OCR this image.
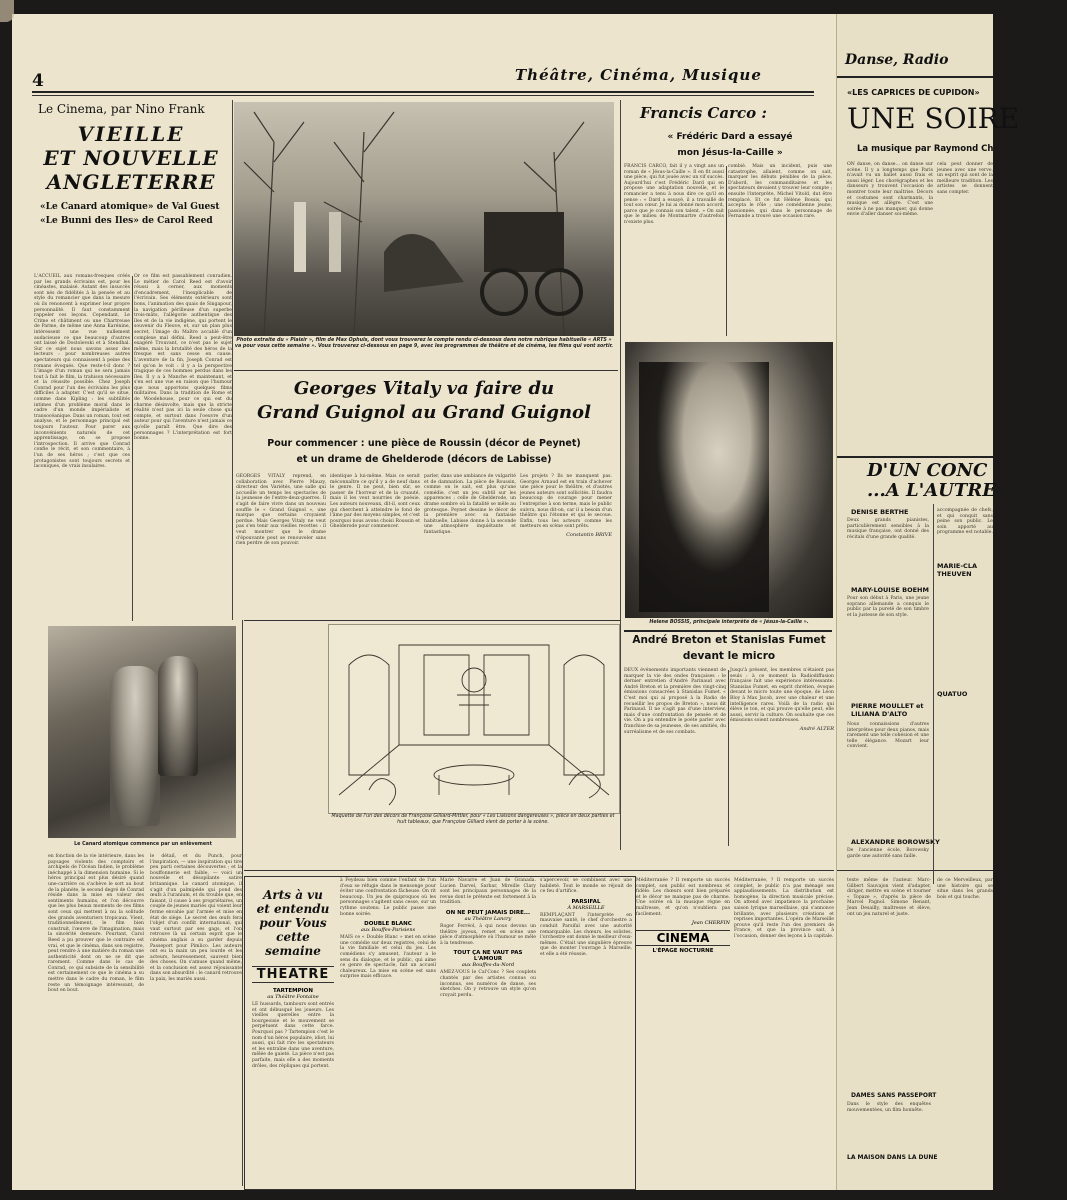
4	Théâtre, Cinéma, Musique
Le Cinema, par Nino Frank
VIEILLE
ET NOUVELLE
ANGLETERRE
«Le Canard atomique» de Val Guest
«Le Bunni des Iles» de Carol Reed

L'ACCUEIL aux romans-fresques créés par les grands écrivains est, pour les cinéastes, malaisé. Autant des insuccès sont nés de fidélités à la pensée et au style du romancier que dans la mesure où ils renoncent à exprimer leur propre personnalité. Il faut constamment rappeler ces leçons. Cependant, Le Crime et châtiment ou une Chartreuse de Parme, de même une Anna Karénine, intéressent une vue nullement audacieuse ce que beaucoup d'autres ont laissé de Dostoïevski et à Stendhal. Sur ce sujet nous savons assez des lecteurs : pour nombreuses autres spectateurs qui connaissent à peine des romans évoqués. Que reste-t-il donc ? L'image d'un roman qui ne sera jamais tout à fait le film, la trahison nécessaire et la réussite possible. Chez Joseph Conrad pour l'un des écrivains les plus difficiles à adapter. C'est qu'il se situe, comme dans Kipling : les subtilités intimes d'un problème moral dans le cadre d'un monde impérialiste et transocéanique. Dans un roman, tout est analyse, et le personnage principal est toujours l'auteur. Pour parer aux inconvénients naturels de cet apprentissage, on se propose l'introspection. Il arrive que Conrad confie le récit, et son commentaire, à l'un de ses héros ; c'est que ces protagonistes sont toujours secrets et laconiques, de vrais insulaires.

Or ce film est passablement conradien. Le métier de Carol Reed est d'avoir réussi à cerner, aux moments d'encadrement, l'inexplicable de l'écrivain. Ses éléments extérieurs sont bons, l'animation des quais de Singapour, la navigation périlleuse d'un superbe trois-mâts, l'allégorie authentique des îles et de la vie indigène, qui portent le souvenir du Fleuve, et, sur un plan plus secret, l'image du Maître accablé d'un complexe mal défini. Reed a peut-être exagéré Trouvant, ce n'est pas le sujet même, mais la brutalité des héros de la fresque est sans cesse en cause. L'aventure de la fin, Joseph Conrad est tel qu'on le voit : il y a la perspective tragique de ces hommes perdus dans les îles. Il y a à Manche et maintenant, et s'en est une vue en raison que l'humour que nous apportons quelques films militaires. Dans la tradition de Rome et de Woodehouse, pour ce qui est du charme désinvolte, mais que la stricte réalité n'est pas ici la seule chose qui compte, et surtout dans l'oeuvre d'un auteur pour qui l'aventure n'est jamais ce qu'elle paraît être. Que dire des personnages ? L'interprétation est fort bonne.

Le Canard atomique commence par un enlèvement

en fonction de la vie intérieure, dans les paysages violents des comptoirs et archipels de l'Océan Indien, le problème inéchappé à la dimension humaine. Si le héros principal est plus désiré quand une-carrière ou s'achève le sort au bout de la planète, le second degré de Conrad réside dans la mise en valeur des sentiments humains, et l'on découvre que les plus beaux moments de ces films sont ceux qui mettent à nu la solitude des grands aventuriers tropicaux. Vient, traditionnellement, le film bien construit, l'œuvre de l'imagination, mais la sincérité demeure. Pourtant, Carol Reed a pu prouver que le contraire est vrai, et que le cinéma, dans son registre, peut rendre à une matière du roman une authenticité dont on ne se dit que rarement. Comme dans le cas de Conrad, ce qui subsiste de la sensibilité est certainement ce que le cinéma a su mettre dans le cadre du roman, le film reste un témoignage intéressant, de bout en bout.

le détail, et du Punch, pour l'inspiration, — une inspiration qui tire peu parti certaines découvertes ; et la bouffonnerie est faible, — voici un nouvelle et désopilante satire britannique. Le canard atomique, il s'agit d'un palmipède qui pond des œufs à l'uranium, et du trouble que, en faisant, il cause à ses propriétaires, un couple de jeunes mariés qui voient leur ferme envahie par l'armée et mise en état de siège. Le secret des œufs fera l'objet d'un conflit international, qui vaut surtout par ses gags, et l'on retrouve là un certain esprit que le cinéma anglais a su garder depuis Passeport pour Pimlico. Les auteurs ont eu la main un peu lourde et les acteurs, heureusement, sauvent bien des choses. On s'amuse quand même, et la conclusion est assez réjouissante dans son absurdité : le canard retrouve la paix, les mariés aussi.

Photo extraite du « Plaisir », film de Max Ophuls, dont vous trouverez le compte rendu ci-dessous dans notre rubrique habituelle « ARTS » va pour vous cette semaine ». Vous trouverez ci-dessous en page 9, avec les programmes de théâtre et de cinéma, les films qui vont sortir.
Georges Vitaly va faire du
Grand Guignol au Grand Guignol
Pour commencer : une pièce de Roussin (décor de Peynet)
et un drame de Ghelderode (décors de Labisse)

GEORGES VITALY reprend, en collaboration avec Pierre Mauzy, directeur des Variétés, une salle qui accueille un temps les spectacles de la jeunesse de l'entre-deux-guerres. Il s'agit de faire vivre dans un nouveau souffle le « Grand Guignol », une marque que certains croyaient perdue. Mais Georges Vitaly ne veut pas s'en tenir aux vieilles recettes : il veut montrer que le drame d'épouvante peut se renouveler sans rien perdre de son pouvoir.

identique à lui-même. Mais ce serait méconnaître ce qu'il y a de neuf dans le genre. Il ne peut, bien sûr, se passer de l'horreur et de la cruauté, mais il les veut nourries de poésie. Les auteurs nouveaux, dit-il, sont ceux qui cherchent à atteindre le fond de l'âme par des moyens simples, et c'est pourquoi nous avons choisi Roussin et Ghelderode pour commencer.

parler, dans une ambiance de vulgarité et de damnation. La pièce de Roussin, comme on le sait, est plus qu'une comédie, c'est un jeu subtil sur les apparences ; celle de Ghelderode, un drame sombre où la fatalité se mêle au grotesque. Peynet dessine le décor de la première avec sa fantaisie habituelle, Labisse donne à la seconde une atmosphère inquiétante et fantastique.

Les projets ? Ils ne manquent pas. Georges Arnaud est en train d'achever une pièce pour le théâtre, et d'autres jeunes auteurs sont sollicités. Il faudra beaucoup de courage pour mener l'entreprise à son terme, mais le public suivra, nous dit-on, car il a besoin d'un théâtre qui l'étonne et qui le secoue. Enfin, tous les acteurs comme les metteurs en scène sont prêts.

Constantin BRIVE
Francis Carco :
« Frédéric Dard a essayé
mon Jésus-la-Caille »

FRANCIS CARCO, fait il y a vingt ans un roman de « Jésus-la-Caille ». Il en fit aussi une pièce, qui fut jouée avec un vif succès. Aujourd'hui c'est Frédéric Dard qui en propose une adaptation nouvelle, et le romancier a tenu à nous dire ce qu'il en pense : « Dard a essayé, il a travaillé de tout son cœur. Je lui ai donné mon accord, parce que je connais son talent. » On sait que le milieu de Montmartre d'autrefois n'existe plus.

combié. Mais un incident, puis une catastrophe, allaient, comme on sait, marquer les débuts pénibles de la pièce. D'abord, les commanditaires et les spectateurs devaient y trouver leur compte ; ensuite l'interprète, Michel Vitold, dut être remplacé. Et ce fut Hélène Bossis, qui accepta le rôle ; une comédienne jeune, passionnée, qui dans le personnage de Fernande a trouvé une occasion rare.

Helene BOSSIS, principale interprète de « Jésus-la-Caille ».
André Breton et Stanislas Fumet
devant le micro

DEUX événements importants viennent de marquer la vie des ondes françaises : le dernier entretien d'André Parinaud avec André Breton et la première des vingt-cinq émissions consacrées à Stanislas Fumet. « C'est moi qui ai proposé à la Radio de recueillir les propos de Breton », nous dit Parinaud. Il ne s'agit pas d'une interview, mais d'une confrontation de pensée et de vie. On a pu entendre le poète parler avec franchise de sa jeunesse, de ses amitiés, du surréalisme et de ses combats.

Jusqu'à présent, les membres n'étaient pas seuls : à ce moment la Radiodiffusion française fait une expérience intéressante. Stanislas Fumet, en esprit chrétien, évoque devant le micro toute une époque, de Léon Bloy à Max Jacob, avec une chaleur et une intelligence rares. Voilà de la radio qui élève le ton, et qui prouve qu'elle peut, elle aussi, servir la culture. On souhaite que ces émissions soient nombreuses.

André ALTER
Maquette de l'un des décors de Françoise Gilliard-Mittler, pour « Les Liaisons dangereuses », pièce en deux parties et huit tableaux, que Françoise Gilliard vient de porter à la scène.
Arts à vu
et entendu
pour Vous
cette semaine
THEATRE
TARTEMPION
au Théâtre Fontaine

LE hussards, tambours sont entrés et ont débusqué les joueurs. Les vieilles querelles entre la bourgeoisie et le mouvement se perpétuent dans cette farce. Pourquoi pas ? Tartempion c'est le nom d'un héros populaire, idiot, lui aussi, qui fait rire les spectateurs et les entraîne dans une aventure, mêlée de gaieté. La pièce n'est pas parfaite, mais elle a des moments drôles, des répliques qui portent.

à Feydeau bien comme l'enfant de l'un d'eux se réfugie dans le mensonge pour éviter une confrontation fâcheuse. On rit beaucoup. Un jeu de quiproquos où les personnages s'agitent sans cesse, sur un rythme soutenu. Le public passe une bonne soirée.

DOUBLE BLANC
aux Bouffes-Parisiens

MAIS ce « Double Blanc » met en scène une comédie sur deux registres, celui de la vie familiale et celui du jeu. Les comédiens s'y amusent, l'auteur a le sens du dialogue, et le public, qui aime ce genre de spectacle, fait un accueil chaleureux. La mise en scène est sans surprise mais efficace.

Marie Navarre et Juan de Granada. Lucien Darvel, Sarbar, Mireille Clary sont les principaux personnages de la revue dont le prétexte est fortement à la tradition.

ON NE PEUT JAMAIS DIRE...
au Théâtre Lancry

Roger Ferréol, à qui nous devons un théâtre joyeux, remet en scène une pièce d'atmosphère où l'humour se mêle à la tendresse.

TOUT ÇA NE VAUT PAS L'AMOUR
aux Bouffes-du-Nord

AMEZ-VOUS le Cal'Conc ? Ses couplets chantés par des artistes connus ou inconnus, ses numéros de danse, ses sketches. On y retrouve un style qu'on croyait perdu.

s'apercevoir, se combinent avec une habileté. Tout le monde se réjouit de ce feu d'artifice.

PARSIFAL
À MARSEILLE

REMPLAÇANT l'interprète en mauvaise santé, le chef d'orchestre a conduit Parsifal avec une autorité remarquable. Les chœurs, les solistes, l'orchestre ont donné le meilleur d'eux-mêmes. C'était une singulière épreuve que de monter l'ouvrage à Marseille, et elle a été réussie.

Méditerranée ? Il remporte un succès complet, son public est nombreux et fidèle. Les chœurs sont bien préparés et le décor ne manque pas de charme. Une soirée où la musique règne en maîtresse, et qu'on n'oubliera pas facilement.

Jean CHERFIN
CINEMA
L'ÉPAGE NOCTURNE

Méditerranée, ? Il remporte un succès complet, le public n'a pas ménagé ses applaudissements. La distribution est homogène, la direction musicale précise. On attend avec impatience la prochaine saison lyrique marseillaise, qui s'annonce brillante, avec plusieurs créations et reprises importantes. L'opéra de Marseille prouve qu'il reste l'un des premiers de France, et que la province sait, à l'occasion, donner des leçons à la capitale.

Danse, Radio
«LES CAPRICES DE CUPIDON»
UNE SOIRE
La musique par Raymond Ch

ON danse, on danse... on danse sur scène. Il y a longtemps que Paris n'avait vu un ballet aussi frais et aussi léger. Les chorégraphes et les danseurs y trouvent l'occasion de montrer toute leur maîtrise. Décors et costumes sont charmants, la musique est allègre. C'est une soirée à ne pas manquer, qui donne envie d'aller danser soi-même.

cela peut donner de jeunes avec une verve, un esprit qui sont de la meilleure tradition. Les artistes se donnent sans compter.

D'UN CONC
...A L'AUTRE
DENISE BERTHE

Deux grands pianistes, particulièrement sensibles à la musique française, ont donné des récitals d'une grande qualité.

MARY-LOUISE BOEHM

Pour son début à Paris, une jeune soprano allemande a conquis le public par la pureté de son timbre et la justesse de son style.

PIERRE MOULLET et LILIANA D'ALTO

Nous connaissions d'autres interprètes pour deux pianos, mais rarement une telle cohésion et une telle élégance. Mozart leur convient.

ALEXANDRE BOROWSKY

De l'ancienne école, Borowsky garde une autorité sans faille.

MARIE-CLA THEUVEN
QUATUO

accompagnée de chefs, et qui conquit sans peine son public. Le soin apporté au programme est notable.

texte même de l'auteur. Marc-Gilbert Sauvajon vient d'adapter, diriger, mettre en scène et tourner « Topaze », d'après la pièce de Marcel Pagnol. Simone Renant, Jean Desailly, maîtresse et élève, ont un jeu naturel et juste.

DAMES SANS PASSEPORT

Dans le style des enquêtes mouvementées, un film honnête.

LA MAISON DANS LA DUNE

de ce Merveilleux, par une histoire qui se situe dans les grands bois et qui touche.
